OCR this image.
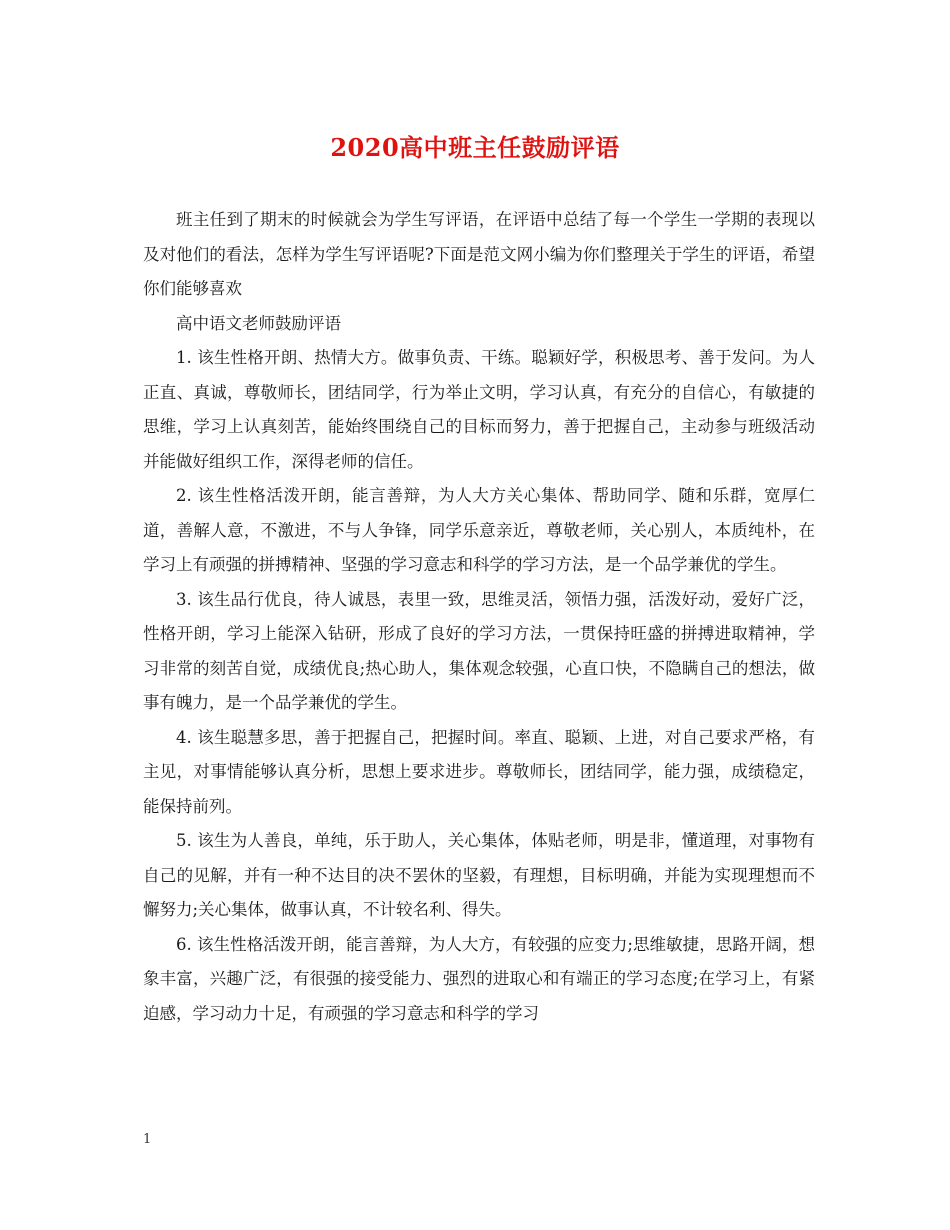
2020高中班主任鼓励评语

班主任到了期末的时候就会为学生写评语，在评语中总结了每一个学生一学期的表现以及对他们的看法，怎样为学生写评语呢?下面是范文网小编为你们整理关于学生的评语，希望你们能够喜欢

高中语文老师鼓励评语

1. 该生性格开朗、热情大方。做事负责、干练。聪颖好学，积极思考、善于发问。为人正直、真诚，尊敬师长，团结同学，行为举止文明，学习认真，有充分的自信心，有敏捷的思维，学习上认真刻苦，能始终围绕自己的目标而努力，善于把握自己，主动参与班级活动并能做好组织工作，深得老师的信任。

2. 该生性格活泼开朗，能言善辩，为人大方关心集体、帮助同学、随和乐群，宽厚仁道，善解人意，不激进，不与人争锋，同学乐意亲近，尊敬老师，关心别人，本质纯朴，在学习上有顽强的拼搏精神、坚强的学习意志和科学的学习方法，是一个品学兼优的学生。

3. 该生品行优良，待人诚恳，表里一致，思维灵活，领悟力强，活泼好动，爱好广泛，性格开朗，学习上能深入钻研，形成了良好的学习方法，一贯保持旺盛的拼搏进取精神，学习非常的刻苦自觉，成绩优良;热心助人，集体观念较强，心直口快，不隐瞒自己的想法，做事有魄力，是一个品学兼优的学生。

4. 该生聪慧多思，善于把握自己，把握时间。率直、聪颖、上进，对自己要求严格，有主见，对事情能够认真分析，思想上要求进步。尊敬师长，团结同学，能力强，成绩稳定，能保持前列。

5. 该生为人善良，单纯，乐于助人，关心集体，体贴老师，明是非，懂道理，对事物有自己的见解，并有一种不达目的决不罢休的坚毅，有理想，目标明确，并能为实现理想而不懈努力;关心集体，做事认真，不计较名利、得失。

6. 该生性格活泼开朗，能言善辩，为人大方，有较强的应变力;思维敏捷，思路开阔，想象丰富，兴趣广泛，有很强的接受能力、强烈的进取心和有端正的学习态度;在学习上，有紧迫感，学习动力十足，有顽强的学习意志和科学的学习

1
